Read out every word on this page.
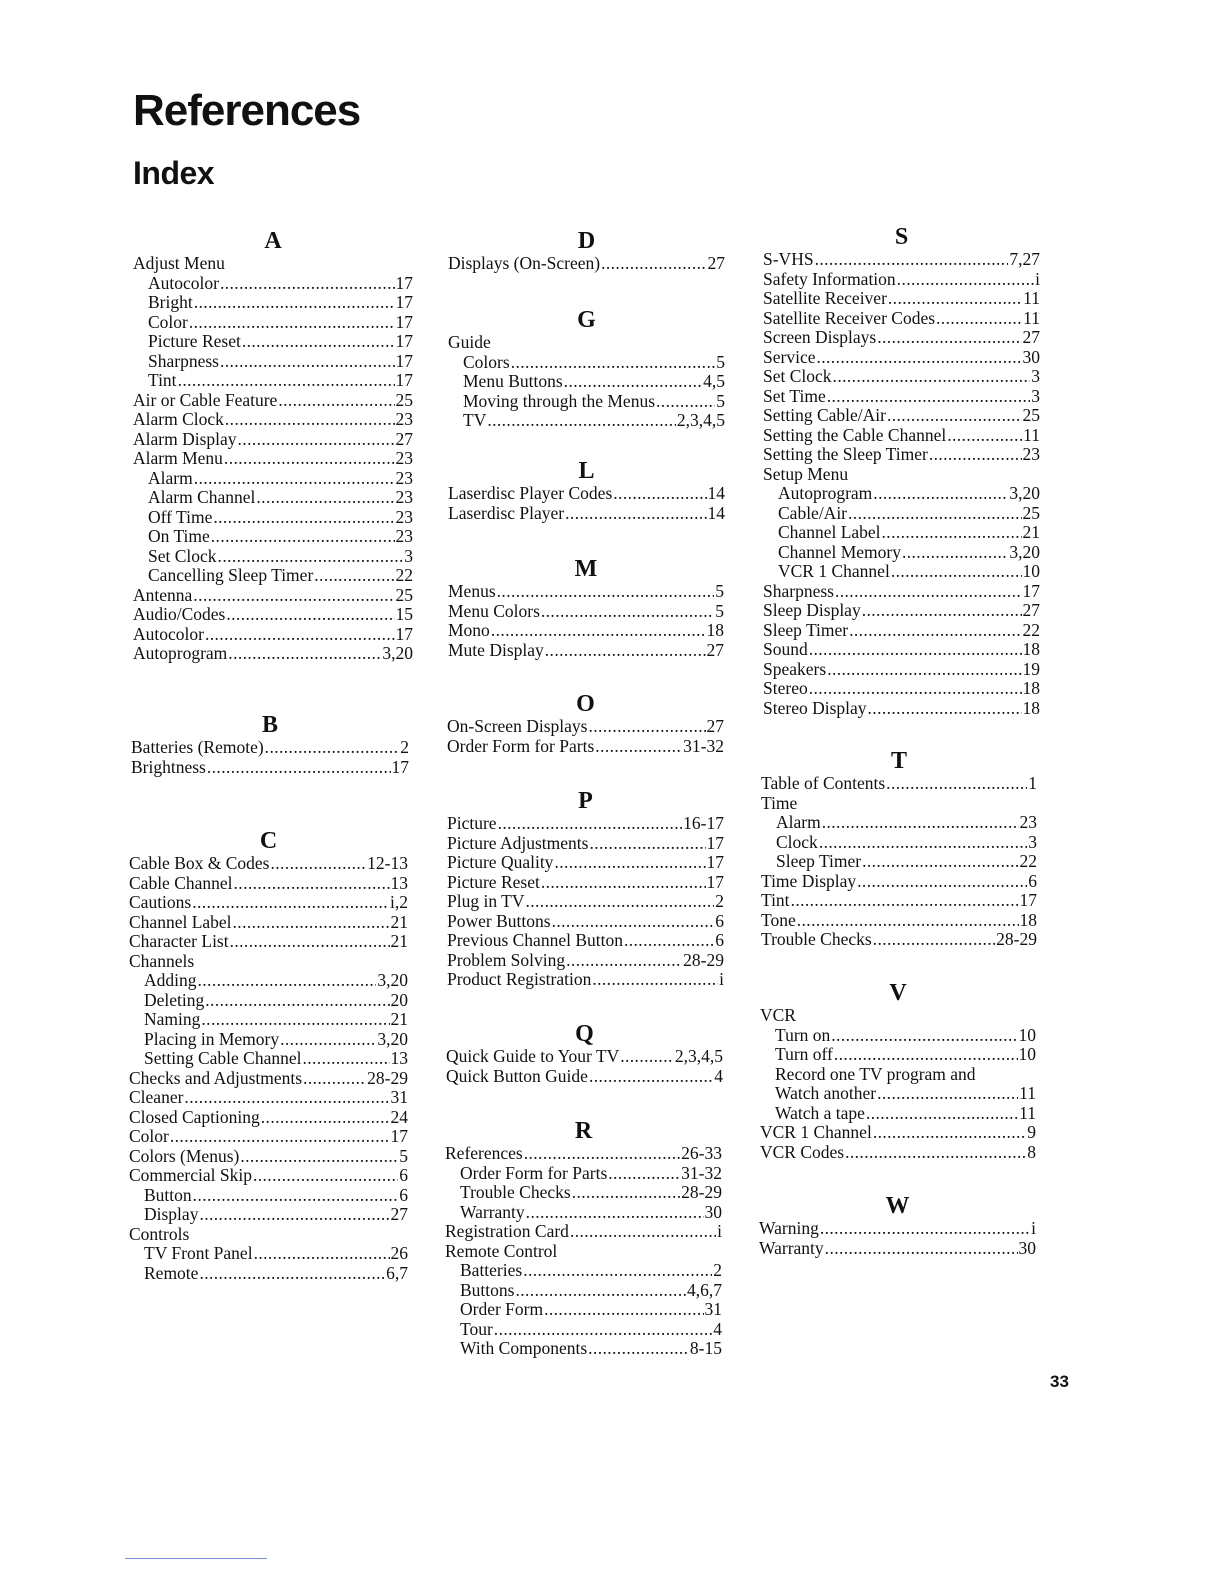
References
Index
A
Adjust Menu
Autocolor .....	17
Bright .....	17
Color .....	17
Picture Reset .....	17
Sharpness .....	17
Tint .....	17
Air or Cable Feature .....	25
Alarm Clock .....	23
Alarm Display .....	27
Alarm Menu .....	23
Alarm .....	23
Alarm Channel .....	23
Off Time .....	23
On Time .....	23
Set Clock .....	3
Cancelling Sleep Timer .....	22
Antenna .....	25
Audio/Codes .....	15
Autocolor .....	17
Autoprogram .....	3,20
B
Batteries (Remote) .....	2
Brightness .....	17
C
Cable Box & Codes .....	12-13
Cable Channel .....	13
Cautions .....	i,2
Channel Label .....	21
Character List .....	21
Channels
Adding .....	3,20
Deleting .....	20
Naming .....	21
Placing in Memory .....	3,20
Setting Cable Channel .....	13
Checks and Adjustments .....	28-29
Cleaner .....	31
Closed Captioning .....	24
Color .....	17
Colors (Menus) .....	5
Commercial Skip .....	6
Button .....	6
Display .....	27
Controls
TV Front Panel .....	26
Remote .....	6,7
D
Displays (On-Screen) .....	27
G
Guide
Colors .....	5
Menu Buttons .....	4,5
Moving through the Menus .....	5
TV .....	2,3,4,5
L
Laserdisc Player Codes .....	14
Laserdisc Player .....	14
M
Menus .....	5
Menu Colors .....	5
Mono .....	18
Mute Display .....	27
O
On-Screen Displays .....	27
Order Form for Parts .....	31-32
P
Picture .....	16-17
Picture Adjustments .....	17
Picture Quality .....	17
Picture Reset .....	17
Plug in TV .....	2
Power Buttons .....	6
Previous Channel Button .....	6
Problem Solving .....	28-29
Product Registration .....	i
Q
Quick Guide to Your TV .....	2,3,4,5
Quick Button Guide .....	4
R
References .....	26-33
Order Form for Parts .....	31-32
Trouble Checks .....	28-29
Warranty .....	30
Registration Card .....	i
Remote Control
Batteries .....	2
Buttons .....	4,6,7
Order Form .....	31
Tour .....	4
With Components .....	8-15
S
S-VHS .....	7,27
Safety Information .....	i
Satellite Receiver .....	11
Satellite Receiver Codes .....	11
Screen Displays .....	27
Service .....	30
Set Clock .....	3
Set Time .....	3
Setting Cable/Air .....	25
Setting the Cable Channel .....	11
Setting the Sleep Timer .....	23
Setup Menu
Autoprogram .....	3,20
Cable/Air .....	25
Channel Label .....	21
Channel Memory .....	3,20
VCR 1 Channel .....	10
Sharpness .....	17
Sleep Display .....	27
Sleep Timer .....	22
Sound .....	18
Speakers .....	19
Stereo .....	18
Stereo Display .....	18
T
Table of Contents .....	1
Time
Alarm .....	23
Clock .....	3
Sleep Timer .....	22
Time Display .....	6
Tint .....	17
Tone .....	18
Trouble Checks .....	28-29
V
VCR
Turn on .....	10
Turn off .....	10
Record one TV program and
Watch another .....	11
Watch a tape .....	11
VCR 1 Channel .....	9
VCR Codes .....	8
W
Warning .....	i
Warranty .....	30
33
